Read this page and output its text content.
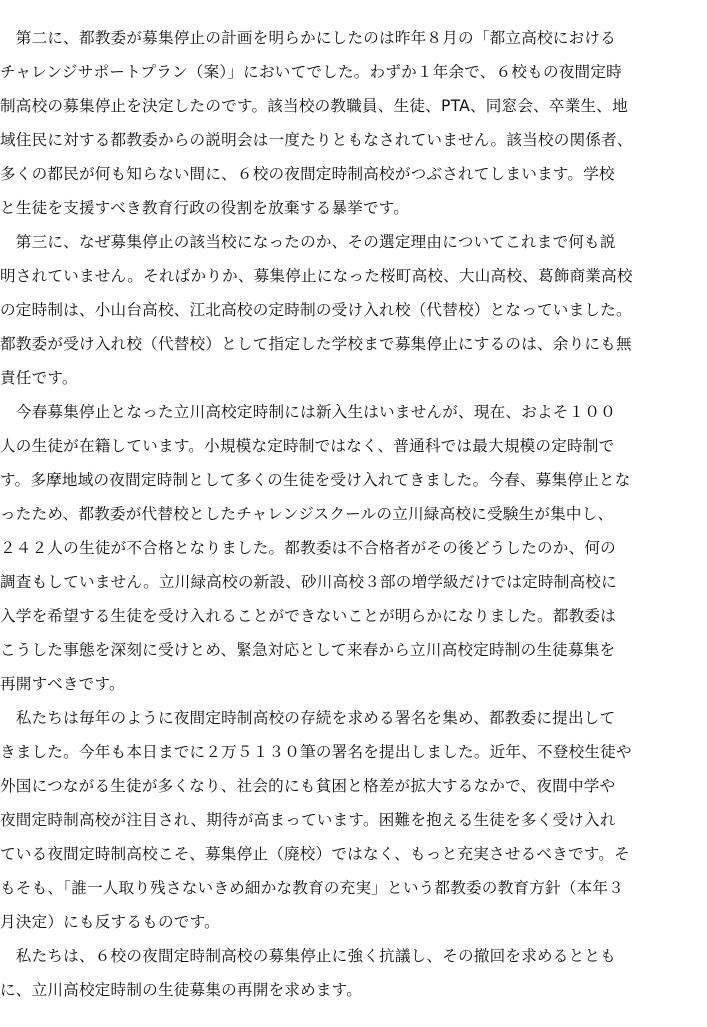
　第二に、都教委が募集停止の計画を明らかにしたのは昨年８月の「都立高校における
チャレンジサポートプラン（案）」においてでした。わずか１年余で、６校もの夜間定時
制高校の募集停止を決定したのです。該当校の教職員、生徒、PTA、同窓会、卒業生、地
域住民に対する都教委からの説明会は一度たりともなされていません。該当校の関係者、
多くの都民が何も知らない間に、６校の夜間定時制高校がつぶされてしまいます。学校
と生徒を支援すべき教育行政の役割を放棄する暴挙です。
　第三に、なぜ募集停止の該当校になったのか、その選定理由についてこれまで何も説
明されていません。そればかりか、募集停止になった桜町高校、大山高校、葛飾商業高校
の定時制は、小山台高校、江北高校の定時制の受け入れ校（代替校）となっていました。
都教委が受け入れ校（代替校）として指定した学校まで募集停止にするのは、余りにも無
責任です。
　今春募集停止となった立川高校定時制には新入生はいませんが、現在、およそ１００
人の生徒が在籍しています。小規模な定時制ではなく、普通科では最大規模の定時制で
す。多摩地域の夜間定時制として多くの生徒を受け入れてきました。今春、募集停止とな
ったため、都教委が代替校としたチャレンジスクールの立川緑高校に受験生が集中し、
２４２人の生徒が不合格となりました。都教委は不合格者がその後どうしたのか、何の
調査もしていません。立川緑高校の新設、砂川高校３部の増学級だけでは定時制高校に
入学を希望する生徒を受け入れることができないことが明らかになりました。都教委は
こうした事態を深刻に受けとめ、緊急対応として来春から立川高校定時制の生徒募集を
再開すべきです。
　私たちは毎年のように夜間定時制高校の存続を求める署名を集め、都教委に提出して
きました。今年も本日までに２万５１３０筆の署名を提出しました。近年、不登校生徒や
外国につながる生徒が多くなり、社会的にも貧困と格差が拡大するなかで、夜間中学や
夜間定時制高校が注目され、期待が高まっています。困難を抱える生徒を多く受け入れ
ている夜間定時制高校こそ、募集停止（廃校）ではなく、もっと充実させるべきです。そ
もそも、「誰一人取り残さないきめ細かな教育の充実」という都教委の教育方針（本年３
月決定）にも反するものです。
　私たちは、６校の夜間定時制高校の募集停止に強く抗議し、その撤回を求めるととも
に、立川高校定時制の生徒募集の再開を求めます。
